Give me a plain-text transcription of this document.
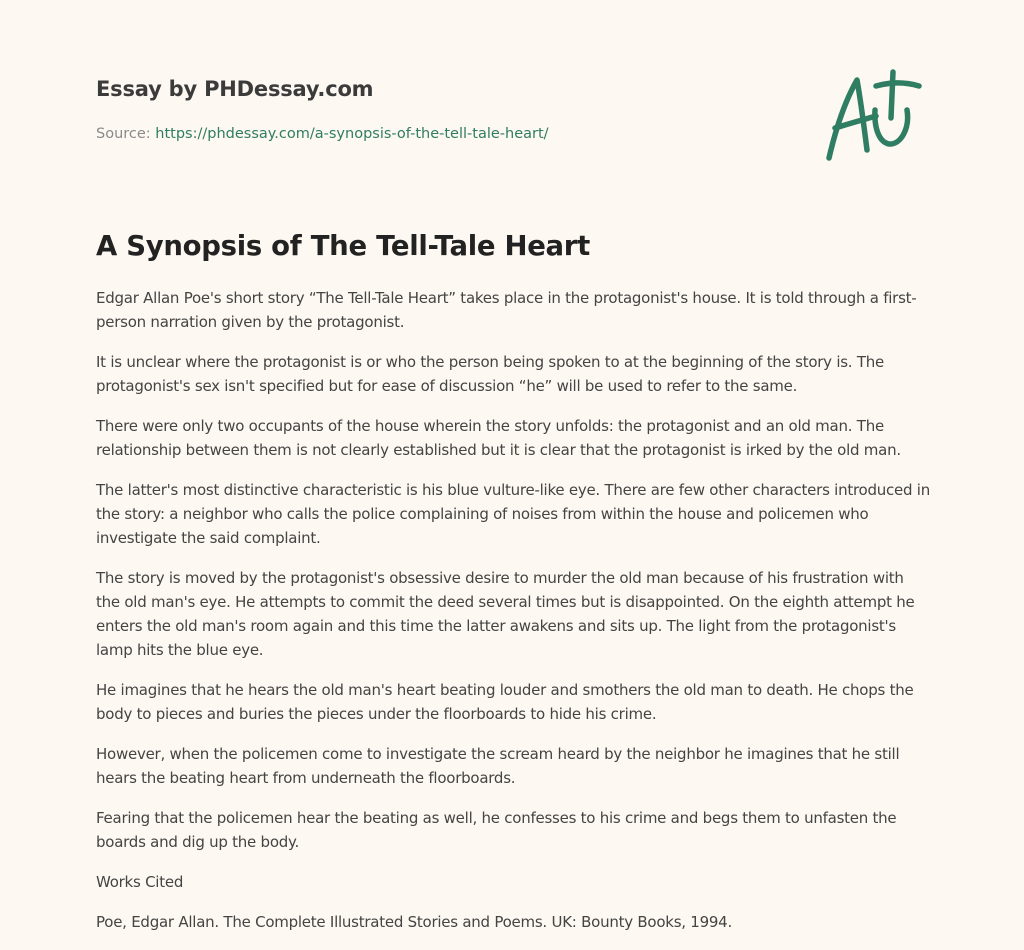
Essay by PHDessay.com
Source: https://phdessay.com/a-synopsis-of-the-tell-tale-heart/
A Synopsis of The Tell-Tale Heart

Edgar Allan Poe's short story “The Tell-Tale Heart” takes place in the protagonist's house. It is told through a first-person narration given by the protagonist.

It is unclear where the protagonist is or who the person being spoken to at the beginning of the story is. The protagonist's sex isn't specified but for ease of discussion “he” will be used to refer to the same.

There were only two occupants of the house wherein the story unfolds: the protagonist and an old man. The relationship between them is not clearly established but it is clear that the protagonist is irked by the old man.

The latter's most distinctive characteristic is his blue vulture-like eye. There are few other characters introduced in the story: a neighbor who calls the police complaining of noises from within the house and policemen who investigate the said complaint.

The story is moved by the protagonist's obsessive desire to murder the old man because of his frustration with the old man's eye. He attempts to commit the deed several times but is disappointed. On the eighth attempt he enters the old man's room again and this time the latter awakens and sits up. The light from the protagonist's lamp hits the blue eye.

He imagines that he hears the old man's heart beating louder and smothers the old man to death. He chops the body to pieces and buries the pieces under the floorboards to hide his crime.

However, when the policemen come to investigate the scream heard by the neighbor he imagines that he still hears the beating heart from underneath the floorboards.

Fearing that the policemen hear the beating as well, he confesses to his crime and begs them to unfasten the boards and dig up the body.

Works Cited

Poe, Edgar Allan. The Complete Illustrated Stories and Poems. UK: Bounty Books, 1994.
